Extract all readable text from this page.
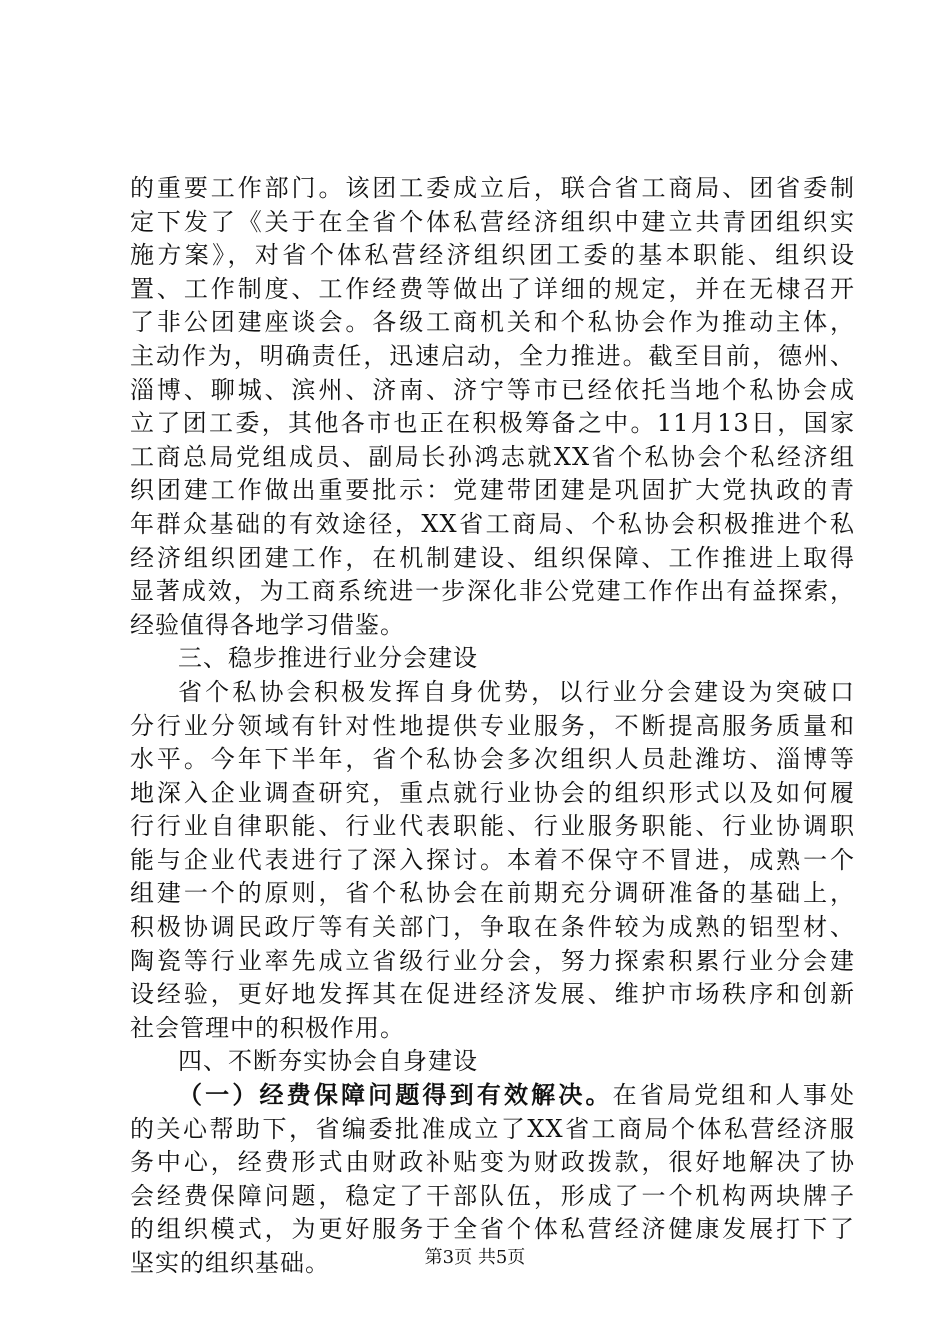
的重要工作部门。该团工委成立后，联合省工商局、团省委制
定下发了《关于在全省个体私营经济组织中建立共青团组织实
施方案》，对省个体私营经济组织团工委的基本职能、组织设
置、工作制度、工作经费等做出了详细的规定，并在无棣召开
了非公团建座谈会。各级工商机关和个私协会作为推动主体，
主动作为，明确责任，迅速启动，全力推进。截至目前，德州、
淄博、聊城、滨州、济南、济宁等市已经依托当地个私协会成
立了团工委，其他各市也正在积极筹备之中。11月13日，国家
工商总局党组成员、副局长孙鸿志就XX省个私协会个私经济组
织团建工作做出重要批示：党建带团建是巩固扩大党执政的青
年群众基础的有效途径，XX省工商局、个私协会积极推进个私
经济组织团建工作，在机制建设、组织保障、工作推进上取得
显著成效，为工商系统进一步深化非公党建工作作出有益探索，
经验值得各地学习借鉴。
三、稳步推进行业分会建设
省个私协会积极发挥自身优势，以行业分会建设为突破口
分行业分领域有针对性地提供专业服务，不断提高服务质量和
水平。今年下半年，省个私协会多次组织人员赴潍坊、淄博等
地深入企业调查研究，重点就行业协会的组织形式以及如何履
行行业自律职能、行业代表职能、行业服务职能、行业协调职
能与企业代表进行了深入探讨。本着不保守不冒进，成熟一个
组建一个的原则，省个私协会在前期充分调研准备的基础上，
积极协调民政厅等有关部门，争取在条件较为成熟的铝型材、
陶瓷等行业率先成立省级行业分会，努力探索积累行业分会建
设经验，更好地发挥其在促进经济发展、维护市场秩序和创新
社会管理中的积极作用。
四、不断夯实协会自身建设
（一）经费保障问题得到有效解决。在省局党组和人事处
的关心帮助下，省编委批准成立了XX省工商局个体私营经济服
务中心，经费形式由财政补贴变为财政拨款，很好地解决了协
会经费保障问题，稳定了干部队伍，形成了一个机构两块牌子
的组织模式，为更好服务于全省个体私营经济健康发展打下了
坚实的组织基础。	第3页 共5页
